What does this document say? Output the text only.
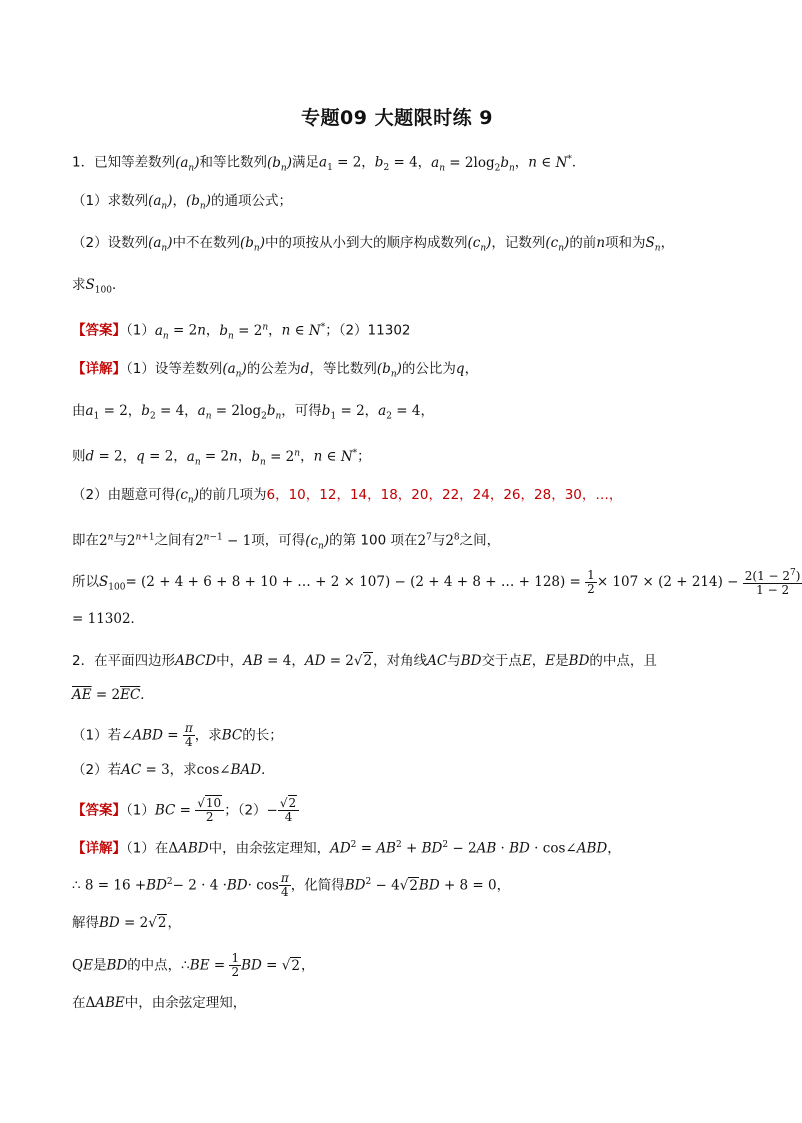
专题09 大题限时练 9
1．已知等差数列$(a_n)$和等比数列$(b_n)$满足$a_1 = 2$，$b_2 = 4$，$a_n = 2\log_2b_n$，n ∈ N*．
（1）求数列$(a_n)$，$(b_n)$的通项公式；
（2）设数列$(a_n)$中不在数列$(b_n)$中的项按从小到大的顺序构成数列$(c_n)$，记数列$(c_n)$的前n项和为$S_n$，
求$S_{100}$．
【答案】$(1)a_n = 2n$，$b_n = 2^n$，n ∈ N*；（2）11302
【详解】（1）设等差数列$(a_n)$的公差为d，等比数列$(b_n)$的公比为q，
由$a_1 = 2$，$b_2 = 4$，$a_n = 2\log_2b_n$，可得$b_1 = 2$，$a_2 = 4$，
则d = 2，q = 2，$a_n = 2n$，$b_n = 2^n$，n ∈ N*；
（2）由题意可得$(c_n)$的前几项为6，10，12，14，18，20，22，24，26，28，30，…，
即在2$^n$与$2^{n+1}$之间有$2^{n-1} - 1$项，可得$(c_n)$的第 100 项在$2^7$与$2^8$之间，
所以$S_{100}= (2 + 4 + 6 + 8 + 10$ + … + 2 × 107) − (2 + 4 + 8 + … + $128) = \frac{1}{2} \times 107 \times (2 + 214) - \frac{2(1 - 2^7)}{1 - 2}$
= 11302．
2．在平面四边形ABCD中，AB = 4，AD = 2√2，对角线AC与BD交于点E，E是BD的中点，且
$\overline{AE} = 2\overline{EC}$．
（1）若∠ABD = $\frac{\pi}{4}$ ，求BC的长；
（2）若AC = 3，求cos∠BAD．
【答案】$(1)BC = \frac{√10}{2}$ ；$(2)- \frac{√2}{4}$
【详解】（1）在ΔABD中，由余弦定理知，$AD^2 = AB^2 + BD^2 - 2AB$ · BD · cos∠ABD，
∴ $8 = 16 +BD^2- 2 \cdot 4 \cdot BD\cdot \cos \frac{\pi}{4}$ ，化简得$BD^2 - 4√2BD + 8 = 0$，
解得BD = 2√2，
QE是BD的中点，∴BE = $\frac{1}{2}$ BD = √2，
在ΔABE中，由余弦定理知，
